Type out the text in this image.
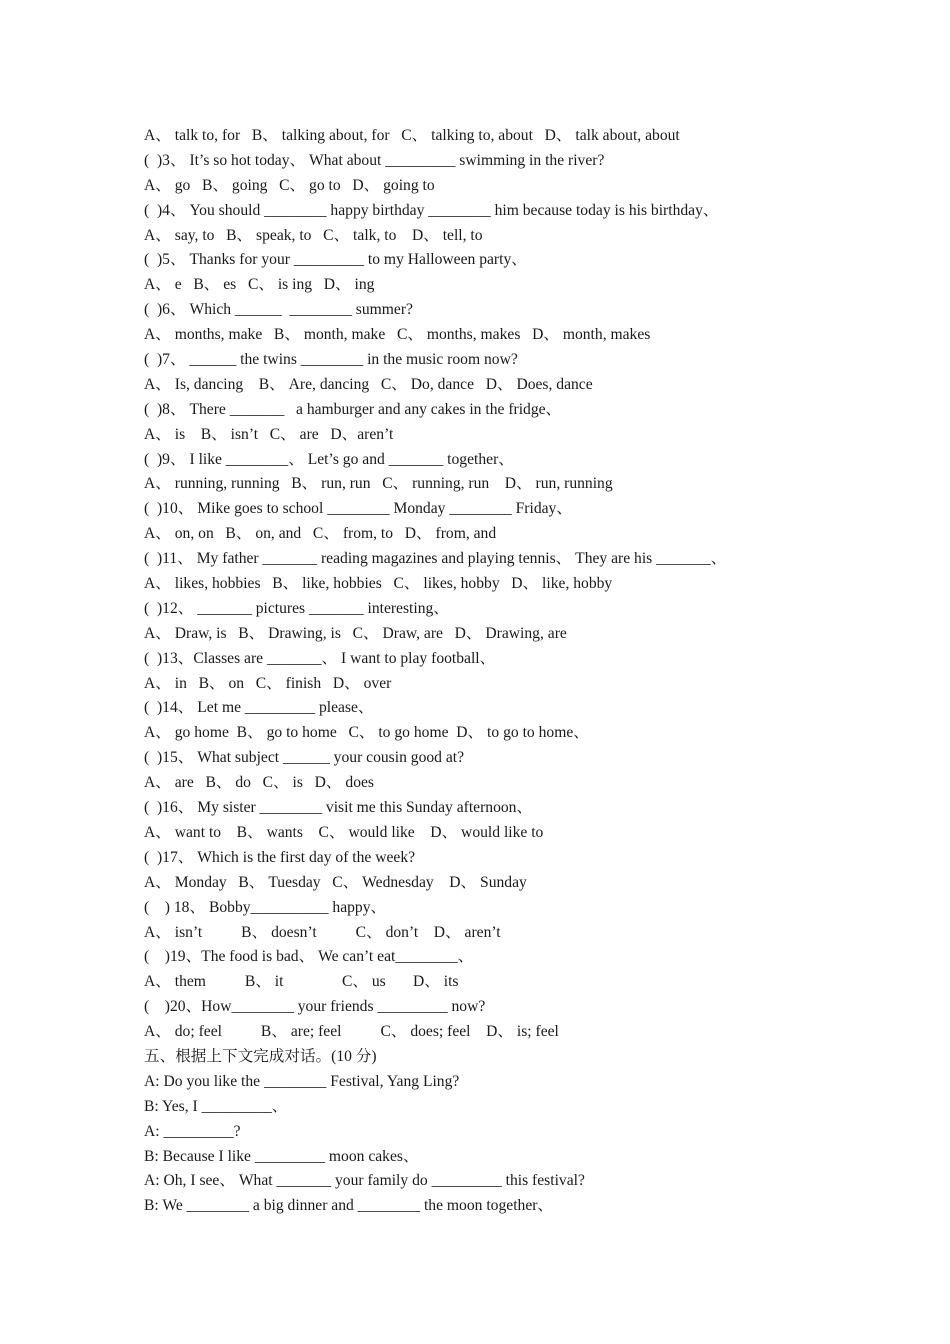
A、 talk to, for   B、 talking about, for   C、 talking to, about   D、 talk about, about
(  )3、 It’s so hot today、 What about _________ swimming in the river?
A、 go   B、 going   C、 go to   D、 going to
(  )4、 You should ________ happy birthday ________ him because today is his birthday、
A、 say, to   B、 speak, to   C、 talk, to    D、 tell, to
(  )5、 Thanks for your _________ to my Halloween party、
A、 e   B、 es   C、 is ing   D、 ing
(  )6、 Which ______  ________ summer?
A、 months, make   B、 month, make   C、 months, makes   D、 month, makes
(  )7、 ______ the twins ________ in the music room now?
A、 Is, dancing    B、 Are, dancing   C、 Do, dance   D、 Does, dance
(  )8、 There _______   a hamburger and any cakes in the fridge、
A、 is    B、 isn’t   C、 are   D、aren’t
(  )9、 I like ________、 Let’s go and _______ together、
A、 running, running   B、 run, run   C、 running, run    D、 run, running
(  )10、 Mike goes to school ________ Monday ________ Friday、
A、 on, on   B、 on, and   C、 from, to   D、 from, and
(  )11、 My father _______ reading magazines and playing tennis、 They are his _______、
A、 likes, hobbies   B、 like, hobbies   C、 likes, hobby   D、 like, hobby
(  )12、 _______ pictures _______ interesting、
A、 Draw, is   B、 Drawing, is   C、 Draw, are   D、 Drawing, are
(  )13、Classes are _______、 I want to play football、
A、 in   B、 on   C、 finish   D、 over
(  )14、 Let me _________ please、
A、 go home  B、 go to home   C、 to go home  D、 to go to home、
(  )15、 What subject ______ your cousin good at?
A、 are   B、 do   C、 is   D、 does
(  )16、 My sister ________ visit me this Sunday afternoon、
A、 want to    B、 wants    C、 would like    D、 would like to
(  )17、 Which is the first day of the week?
A、 Monday   B、 Tuesday   C、 Wednesday    D、 Sunday
(    ) 18、 Bobby__________ happy、
A、 isn’t          B、 doesn’t          C、 don’t    D、 aren’t
(    )19、The food is bad、 We can’t eat________、
A、 them          B、 it               C、 us       D、 its
(    )20、How________ your friends _________ now?
A、 do; feel          B、 are; feel          C、 does; feel    D、 is; feel
五、根据上下文完成对话。(10 分)
A: Do you like the ________ Festival, Yang Ling?
B: Yes, I _________、
A: _________?
B: Because I like _________ moon cakes、
A: Oh, I see、 What _______ your family do _________ this festival?
B: We ________ a big dinner and ________ the moon together、
